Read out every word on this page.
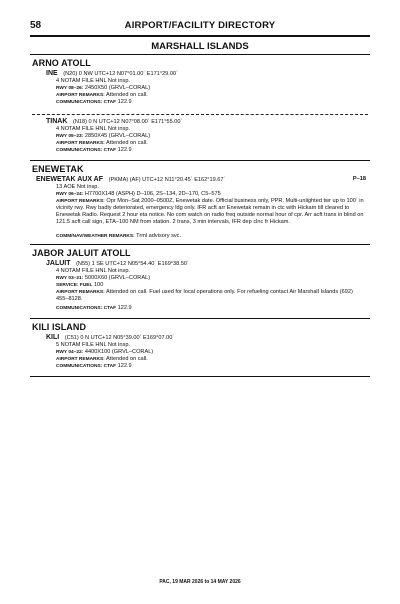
58	AIRPORT/FACILITY DIRECTORY
MARSHALL ISLANDS
ARNO ATOLL
INE (N20) 0 NW UTC+12 N07°01.00´ E171°29.00´
4 NOTAM FILE HNL Not insp.
RWY 08–26: 2450X50 (GRVL–CORAL)
AIRPORT REMARKS: Attended on call.
COMMUNICATIONS: CTAF 122.9
TINAK (N18) 0 N UTC+12 N07°08.00´ E171°55.00´
4 NOTAM FILE HNL Not insp.
RWY 05–23: 2850X45 (GRVL–CORAL)
AIRPORT REMARKS: Attended on call.
COMMUNICATIONS: CTAF 122.9
ENEWETAK
ENEWETAK AUX AF (PKMA) (AF) UTC+12 N11°20.45´ E162°19.67´	P–18
13 AOE Not insp.
RWY 06–24: H7700X148 (ASPH) D–106, 2S–134, 2D–170, C5–575
AIRPORT REMARKS: Opr Mon–Sat 2000–0500Z, Enewetak date. Official business only, PPR. Multi-unlighted twr up to 100´ in vicinity rwy. Rwy badly deteriorated, emergency ldg only. IFR acft arr Enewetak remain in ctc with Hickam till cleared to Enewetak Radio. Request 2 hour eta notice. No com watch on radio freq outside normal hour of cpr. Arr acft trans in blind on 121.5 acft call sign, ETA–100 NM from station. 2 trans, 3 min intervals, IFR dep clnc fr Hickam.
COMM/NAV/WEATHER REMARKS: Trml advisory svc.
JABOR JALUIT ATOLL
JALUIT (N55) 1 SE UTC+12 N05°54.40´ E169°38.50´
4 NOTAM FILE HNL Not insp.
RWY 03–21: 5000X60 (GRVL–CORAL)
SERVICE: FUEL 100
AIRPORT REMARKS: Attended on call. Fuel used for local operations only. For refueling contact Air Marshall Islands (692) 455–8128.
COMMUNICATIONS: CTAF 122.9
KILI ISLAND
KILI (C51) 0 N UTC+12 N05°39.00´ E169°07.00´
5 NOTAM FILE HNL Not insp.
RWY 04–22: 4400X100 (GRVL–CORAL)
AIRPORT REMARKS: Attended on call.
COMMUNICATIONS: CTAF 122.9
PAC, 19 MAR 2026 to 14 MAY 2026
